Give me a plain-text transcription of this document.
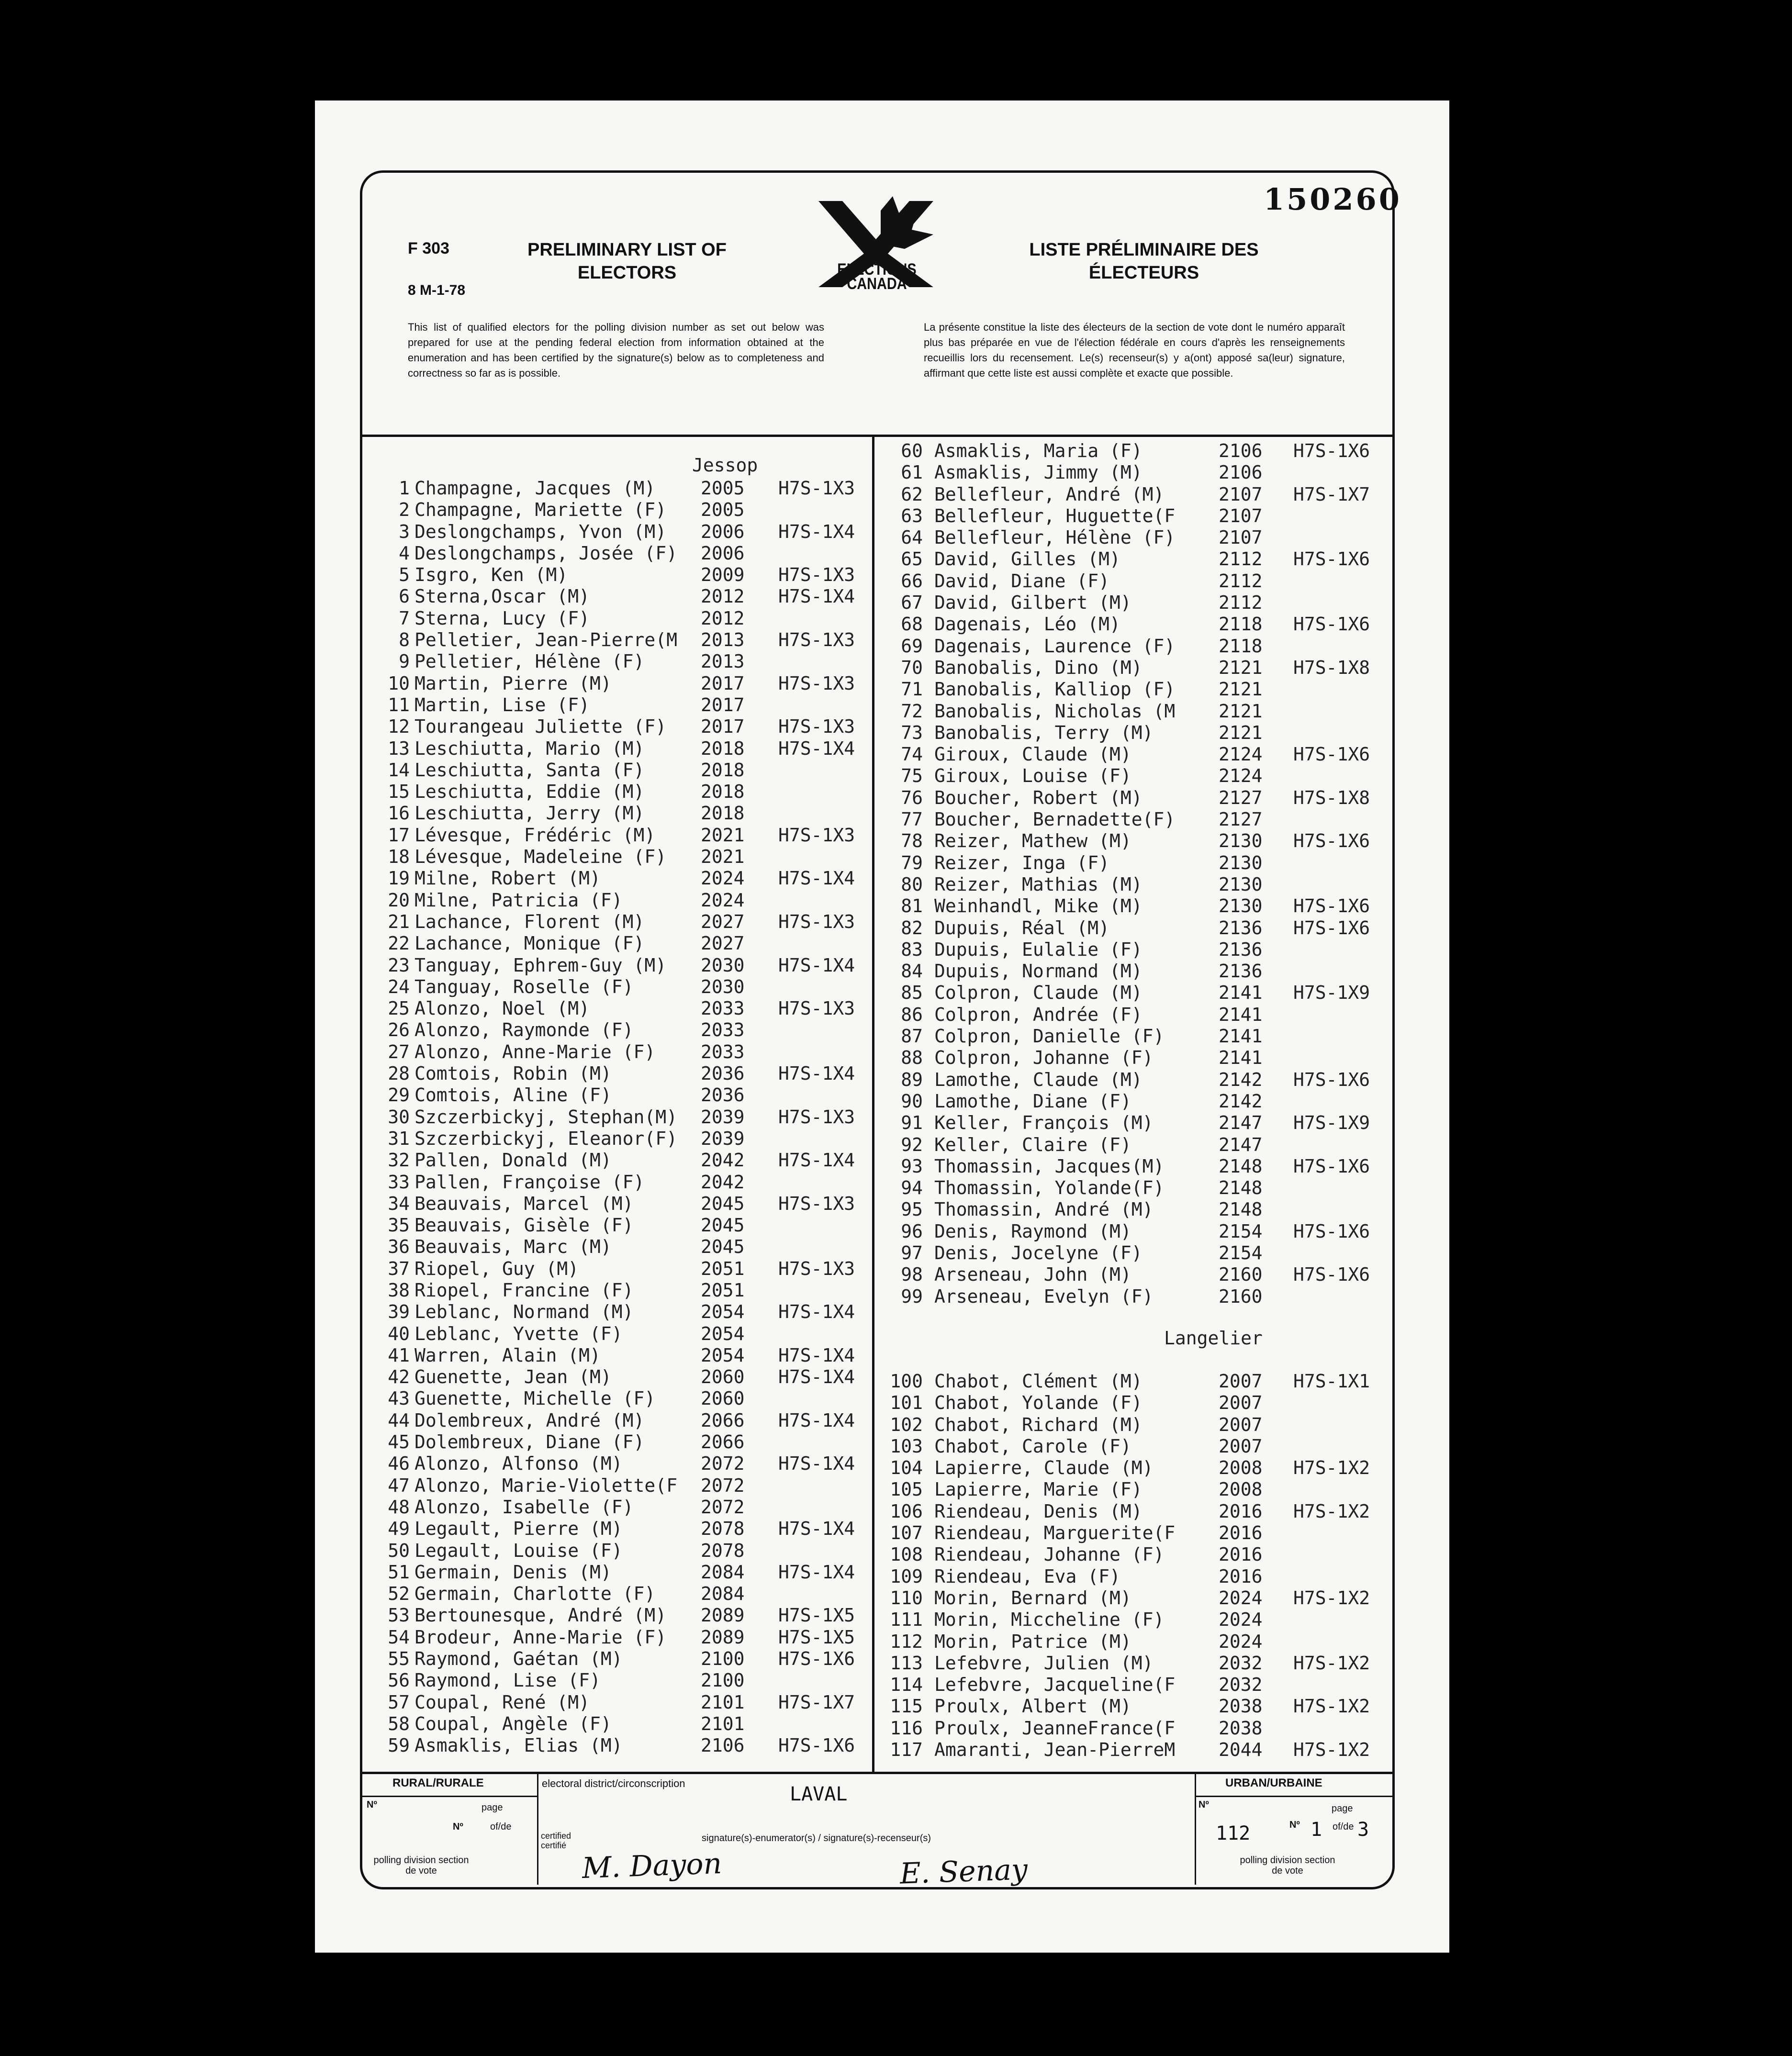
150260
F 303
8 M-1-78
PRELIMINARY LIST OF ELECTORS
LISTE PRÉLIMINAIRE DES ÉLECTEURS
ELECTIONS CANADA
This list of qualified electors for the polling division number as set out below was prepared for use at the pending federal election from information obtained at the enumeration and has been certified by the signature(s) below as to completeness and correctness so far as is possible.
La présente constitue la liste des électeurs de la section de vote dont le numéro apparaît plus bas préparée en vue de l'élection fédérale en cours d'après les renseignements recueillis lors du recensement. Le(s) recenseur(s) y a(ont) apposé sa(leur) signature, affirmant que cette liste est aussi complète et exacte que possible.
Jessop
Langelier
1 Champagne, Jacques (M) 2005 H7S-1X3
2 Champagne, Mariette (F) 2005
3 Deslongchamps, Yvon (M) 2006 H7S-1X4
4 Deslongchamps, Josée (F) 2006
5 Isgro, Ken (M)	2009 H7S-1X3
6 Sterna,Oscar (M)	2012 H7S-1X4
7 Sterna, Lucy (F)	2012
8 Pelletier, Jean-Pierre(M 2013 H7S-1X3
9 Pelletier, Hélène (F)	2013
10 Martin, Pierre (M)	2017 H7S-1X3
11 Martin, Lise (F)	2017
12 Tourangeau Juliette (F) 2017 H7S-1X3
13 Leschiutta, Mario (M)	2018 H7S-1X4
14 Leschiutta, Santa (F)	2018
15 Leschiutta, Eddie (M)	2018
16 Leschiutta, Jerry (M)	2018
17 Lévesque, Frédéric (M) 2021 H7S-1X3
18 Lévesque, Madeleine (F) 2021
19 Milne, Robert (M)	2024 H7S-1X4
20 Milne, Patricia (F)	2024
21 Lachance, Florent (M)	2027 H7S-1X3
22 Lachance, Monique (F)	2027
23 Tanguay, Ephrem-Guy (M) 2030 H7S-1X4
24 Tanguay, Roselle (F)	2030
25 Alonzo, Noel (M)	2033 H7S-1X3
26 Alonzo, Raymonde (F)	2033
27 Alonzo, Anne-Marie (F) 2033
28 Comtois, Robin (M)	2036 H7S-1X4
29 Comtois, Aline (F)	2036
30 Szczerbickyj, Stephan(M) 2039 H7S-1X3
31 Szczerbickyj, Eleanor(F) 2039
32 Pallen, Donald (M)	2042 H7S-1X4
33 Pallen, Françoise (F)	2042
34 Beauvais, Marcel (M)	2045 H7S-1X3
35 Beauvais, Gisèle (F)	2045
36 Beauvais, Marc (M)	2045
37 Riopel, Guy (M)	2051 H7S-1X3
38 Riopel, Francine (F)	2051
39 Leblanc, Normand (M)	2054 H7S-1X4
40 Leblanc, Yvette (F)	2054
41 Warren, Alain (M)	2054 H7S-1X4
42 Guenette, Jean (M)	2060 H7S-1X4
43 Guenette, Michelle (F) 2060
44 Dolembreux, André (M)	2066 H7S-1X4
45 Dolembreux, Diane (F)	2066
46 Alonzo, Alfonso (M)	2072 H7S-1X4
47 Alonzo, Marie-Violette(F 2072
48 Alonzo, Isabelle (F)	2072
49 Legault, Pierre (M)	2078 H7S-1X4
50 Legault, Louise (F)	2078
51 Germain, Denis (M)	2084 H7S-1X4
52 Germain, Charlotte (F) 2084
53 Bertounesque, André (M) 2089 H7S-1X5
54 Brodeur, Anne-Marie (F) 2089 H7S-1X5
55 Raymond, Gaétan (M)	2100 H7S-1X6
56 Raymond, Lise (F)	2100
57 Coupal, René (M)	2101 H7S-1X7
58 Coupal, Angèle (F)	2101
59 Asmaklis, Elias (M)	2106 H7S-1X6
60 Asmaklis, Maria (F)	2106 H7S-1X6
61 Asmaklis, Jimmy (M)	2106
62 Bellefleur, André (M)	2107 H7S-1X7
63 Bellefleur, Huguette(F 2107
64 Bellefleur, Hélène (F) 2107
65 David, Gilles (M)	2112 H7S-1X6
66 David, Diane (F)	2112
67 David, Gilbert (M)	2112
68 Dagenais, Léo (M)	2118 H7S-1X6
69 Dagenais, Laurence (F) 2118
70 Banobalis, Dino (M)	2121 H7S-1X8
71 Banobalis, Kalliop (F) 2121
72 Banobalis, Nicholas (M 2121
73 Banobalis, Terry (M)	2121
74 Giroux, Claude (M)	2124 H7S-1X6
75 Giroux, Louise (F)	2124
76 Boucher, Robert (M)	2127 H7S-1X8
77 Boucher, Bernadette(F) 2127
78 Reizer, Mathew (M)	2130 H7S-1X6
79 Reizer, Inga (F)	2130
80 Reizer, Mathias (M)	2130
81 Weinhandl, Mike (M)	2130 H7S-1X6
82 Dupuis, Réal (M)	2136 H7S-1X6
83 Dupuis, Eulalie (F)	2136
84 Dupuis, Normand (M)	2136
85 Colpron, Claude (M)	2141 H7S-1X9
86 Colpron, Andrée (F)	2141
87 Colpron, Danielle (F)	2141
88 Colpron, Johanne (F)	2141
89 Lamothe, Claude (M)	2142 H7S-1X6
90 Lamothe, Diane (F)	2142
91 Keller, François (M)	2147 H7S-1X9
92 Keller, Claire (F)	2147
93 Thomassin, Jacques(M)	2148 H7S-1X6
94 Thomassin, Yolande(F)	2148
95 Thomassin, André (M)	2148
96 Denis, Raymond (M)	2154 H7S-1X6
97 Denis, Jocelyne (F)	2154
98 Arseneau, John (M)	2160 H7S-1X6
99 Arseneau, Evelyn (F)	2160
100 Chabot, Clément (M)	2007 H7S-1X1
101 Chabot, Yolande (F)	2007
102 Chabot, Richard (M)	2007
103 Chabot, Carole (F)	2007
104 Lapierre, Claude (M)	2008 H7S-1X2
105 Lapierre, Marie (F)	2008
106 Riendeau, Denis (M)	2016 H7S-1X2
107 Riendeau, Marguerite(F 2016
108 Riendeau, Johanne (F)	2016
109 Riendeau, Eva (F)	2016
110 Morin, Bernard (M)	2024 H7S-1X2
111 Morin, Miccheline (F)	2024
112 Morin, Patrice (M)	2024
113 Lefebvre, Julien (M)	2032 H7S-1X2
114 Lefebvre, Jacqueline(F 2032
115 Proulx, Albert (M)	2038 H7S-1X2
116 Proulx, JeanneFrance(F 2038
117 Amaranti, Jean-PierreM 2044 H7S-1X2
RURAL/RURALE	electoral district/circonscription	LAVAL
URBAN/URBAINE
Nº	page
Nº	of/de
polling division section de vote
certified certifié
signature(s)-enumerator(s) / signature(s)-recenseur(s)
M. Dayon	E. Senay
Nº	page
112	Nº 1 of/de 3
polling division section de vote
